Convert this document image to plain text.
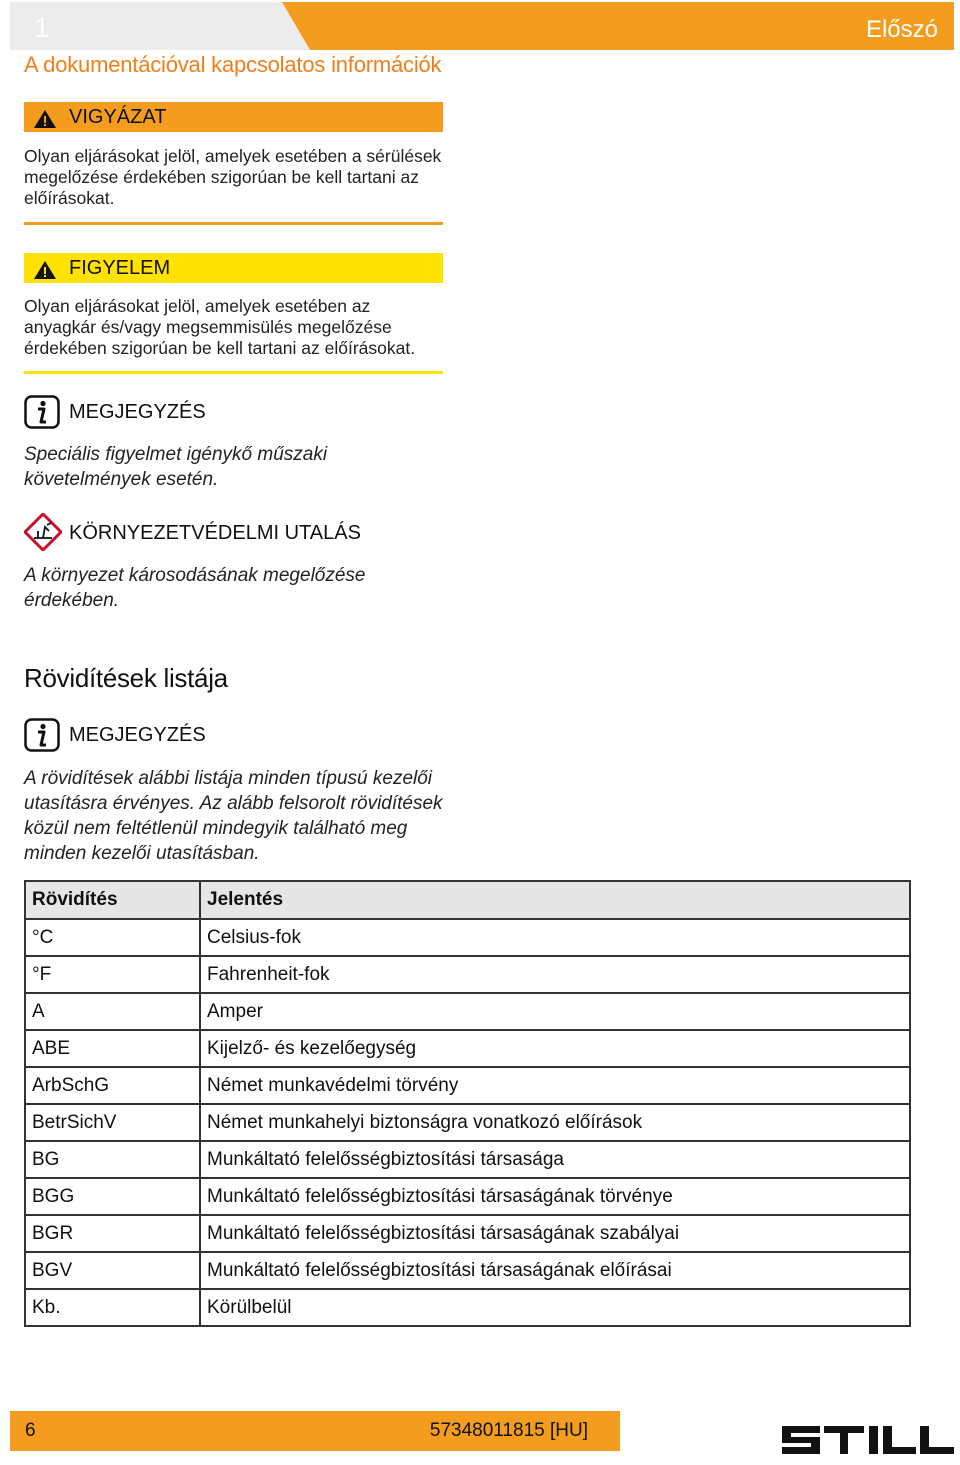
1	Előszó
A dokumentációval kapcsolatos információk
VIGYÁZAT
Olyan eljárásokat jelöl, amelyek esetében a sérülések megelőzése érdekében szigorúan be kell tartani az előírásokat.
FIGYELEM
Olyan eljárásokat jelöl, amelyek esetében az anyagkár és/vagy megsemmisülés megelőzése érdekében szigorúan be kell tartani az előírásokat.
MEGJEGYZÉS
Speciális figyelmet igénykő műszaki követelmények esetén.
KÖRNYEZETVÉDELMI UTALÁS
A környezet károsodásának megelőzése érdekében.
Rövidítések listája
MEGJEGYZÉS
A rövidítések alábbi listája minden típusú kezelői utasításra érvényes. Az alább felsorolt rövidítések közül nem feltétlenül mindegyik található meg minden kezelői utasításban.
Rövidítés	Jelentés
°C	Celsius-fok
°F	Fahrenheit-fok
A	Amper
ABE	Kijelző- és kezelőegység
ArbSchG	Német munkavédelmi törvény
BetrSichV	Német munkahelyi biztonságra vonatkozó előírások
BG	Munkáltató felelősségbiztosítási társasága
BGG	Munkáltató felelősségbiztosítási társaságának törvénye
BGR	Munkáltató felelősségbiztosítási társaságának szabályai
BGV	Munkáltató felelősségbiztosítási társaságának előírásai
Kb.	Körülbelül
6	57348011815 [HU]
